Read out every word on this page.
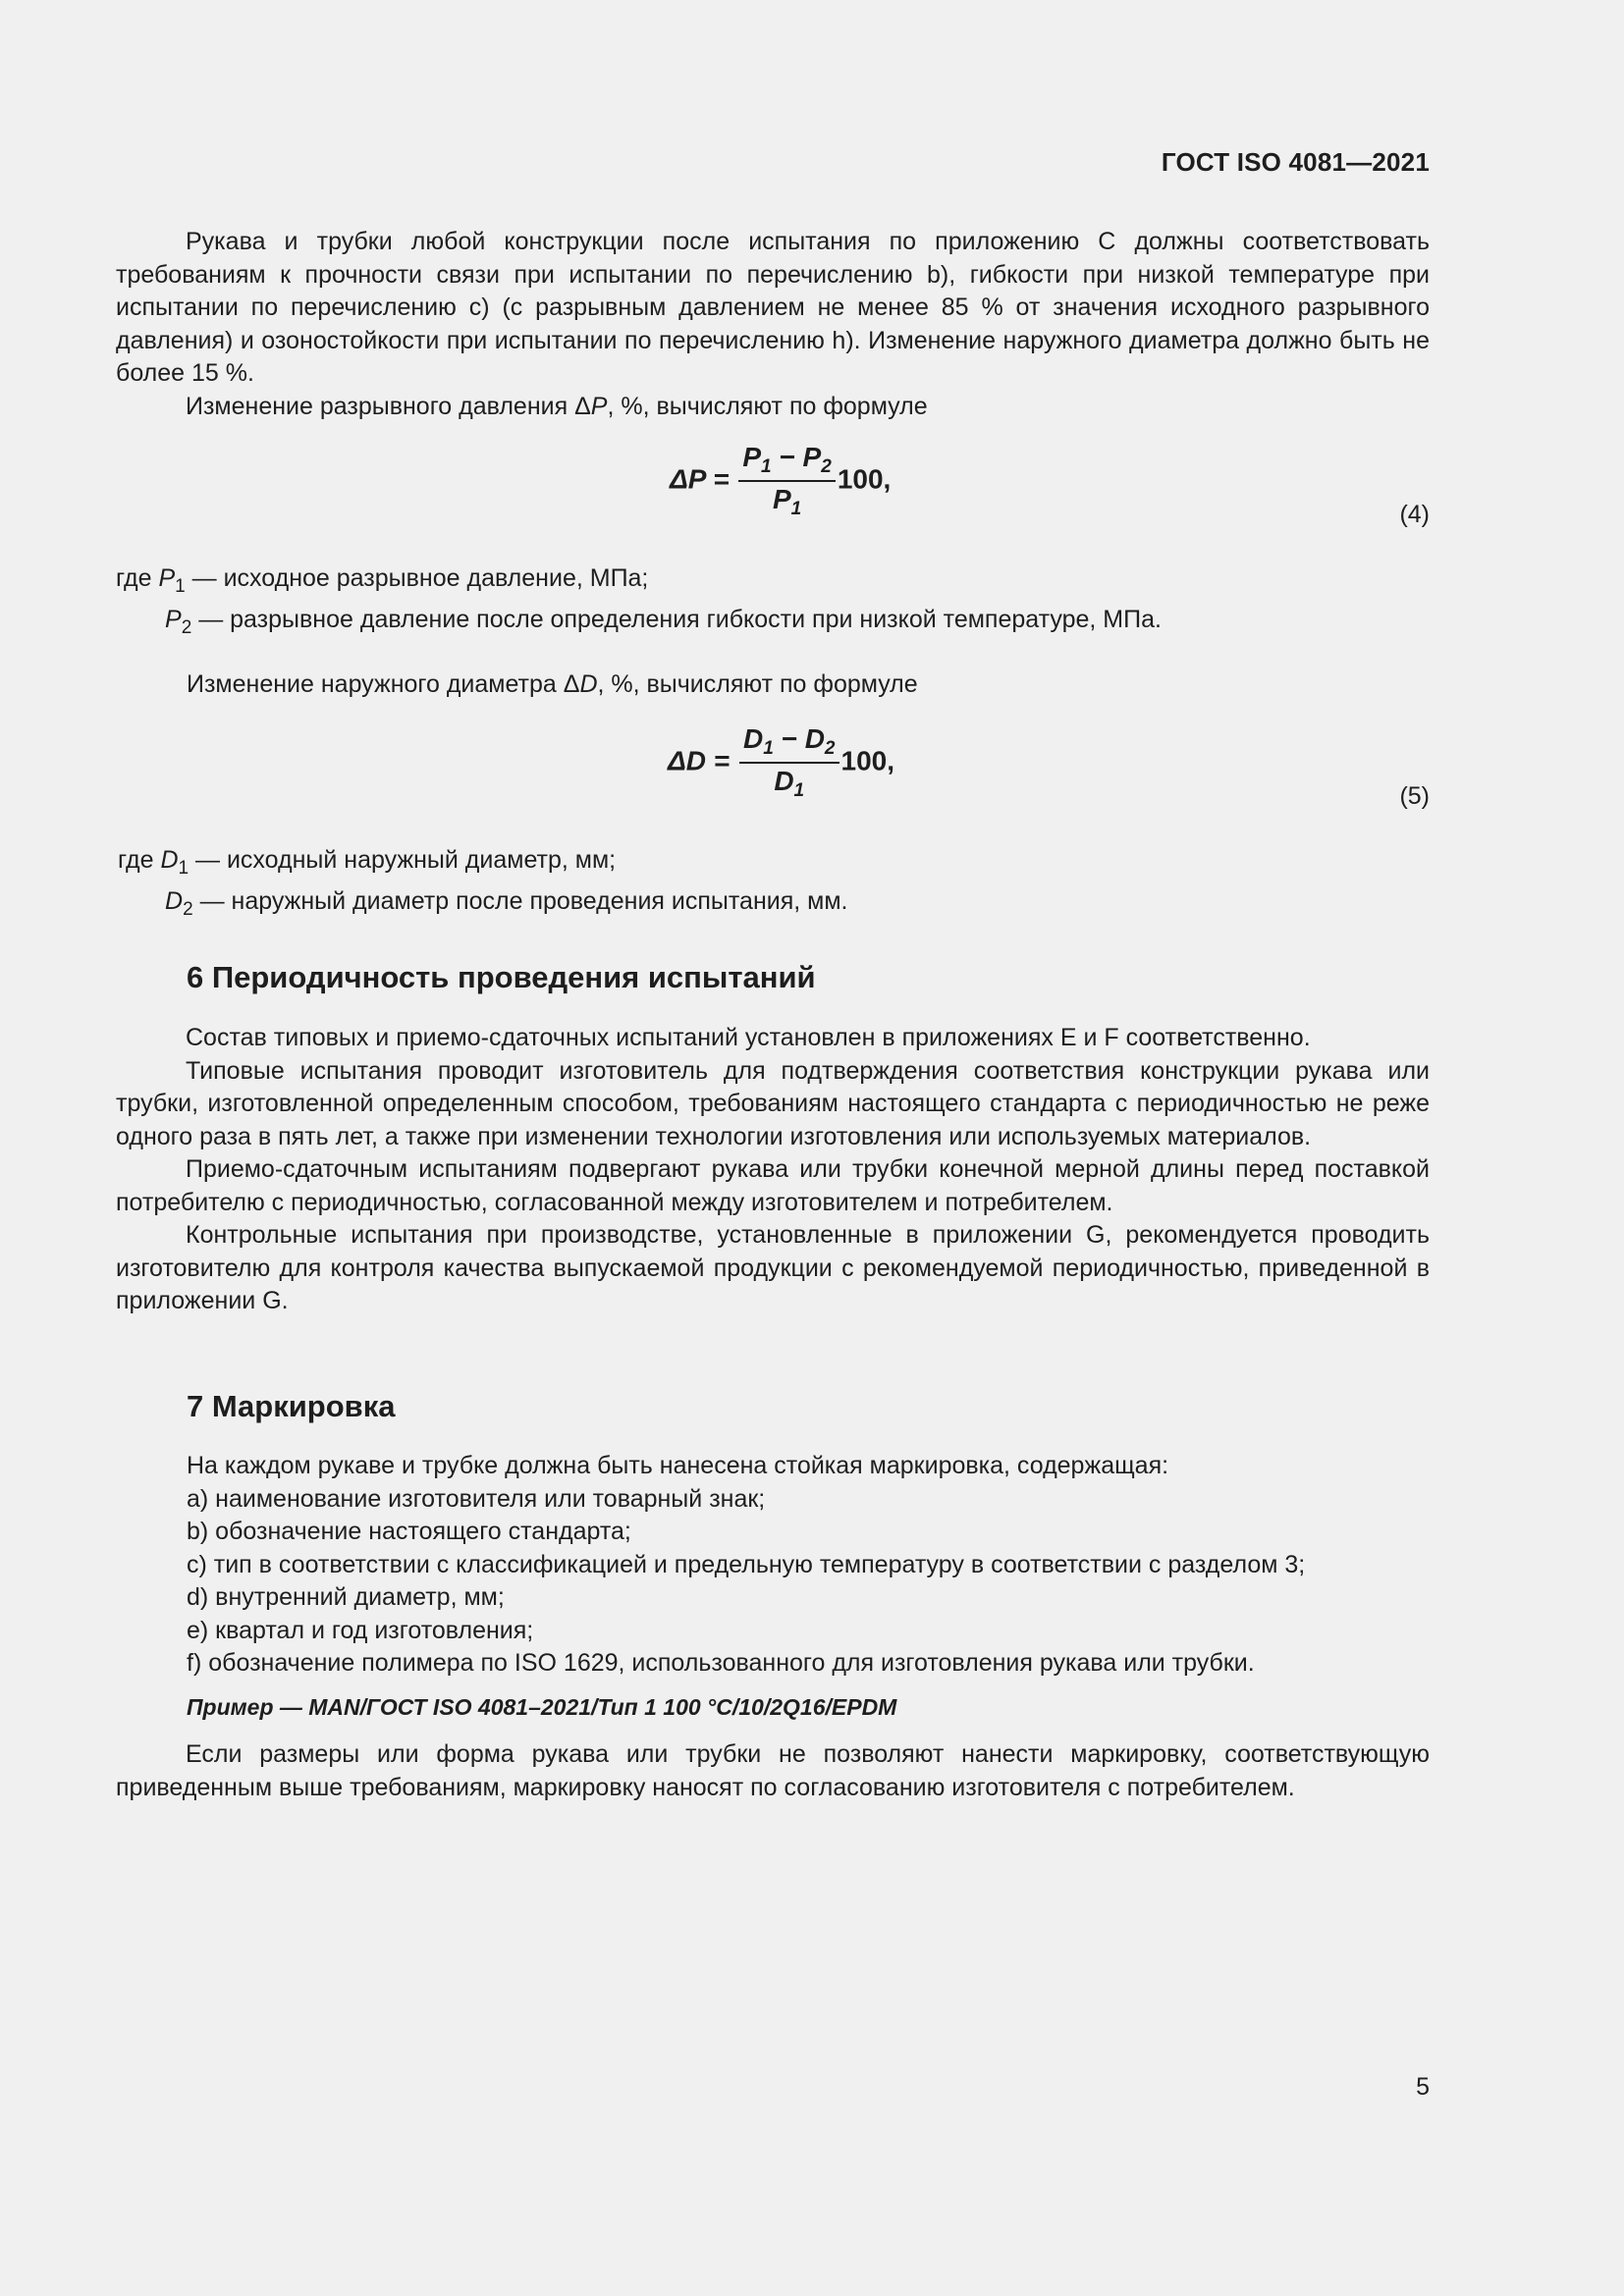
ГОСТ ISO 4081—2021

Рукава и трубки любой конструкции после испытания по приложению С должны соответствовать требованиям к прочности связи при испытании по перечислению b), гибкости при низкой температуре при испытании по перечислению c) (с разрывным давлением не менее 85 % от значения исходного разрывного давления) и озоностойкости при испытании по перечислению h). Изменение наружного диаметра должно быть не более 15 %.

Изменение разрывного давления ΔP, %, вычисляют по формуле

$\Delta P = \frac{P_1 - P_2}{P_1} 100$,
(4)
где $P_1$ — исходное разрывное давление, МПа;
$P_2$ — разрывное давление после определения гибкости при низкой температуре, МПа.
Изменение наружного диаметра ΔD, %, вычисляют по формуле
$\Delta D = \frac{D_1 - D_2}{D_1} 100$,
(5)
где $D_1$ — исходный наружный диаметр, мм;
$D_2$ — наружный диаметр после проведения испытания, мм.
6 Периодичность проведения испытаний

Состав типовых и приемо-сдаточных испытаний установлен в приложениях E и F соответственно.

Типовые испытания проводит изготовитель для подтверждения соответствия конструкции рукава или трубки, изготовленной определенным способом, требованиям настоящего стандарта с периодичностью не реже одного раза в пять лет, а также при изменении технологии изготовления или используемых материалов.

Приемо-сдаточным испытаниям подвергают рукава или трубки конечной мерной длины перед поставкой потребителю с периодичностью, согласованной между изготовителем и потребителем.

Контрольные испытания при производстве, установленные в приложении G, рекомендуется проводить изготовителю для контроля качества выпускаемой продукции с рекомендуемой периодичностью, приведенной в приложении G.

7 Маркировка
На каждом рукаве и трубке должна быть нанесена стойкая маркировка, содержащая:
a) наименование изготовителя или товарный знак;
b) обозначение настоящего стандарта;
c) тип в соответствии с классификацией и предельную температуру в соответствии с разделом 3;
d) внутренний диаметр, мм;
e) квартал и год изготовления;
f) обозначение полимера по ISO 1629, использованного для изготовления рукава или трубки.
Пример — MAN/ГОСТ ISO 4081–2021/Тип 1 100 °C/10/2Q16/EPDM

Если размеры или форма рукава или трубки не позволяют нанести маркировку, соответствующую приведенным выше требованиям, маркировку наносят по согласованию изготовителя с потребителем.

5
